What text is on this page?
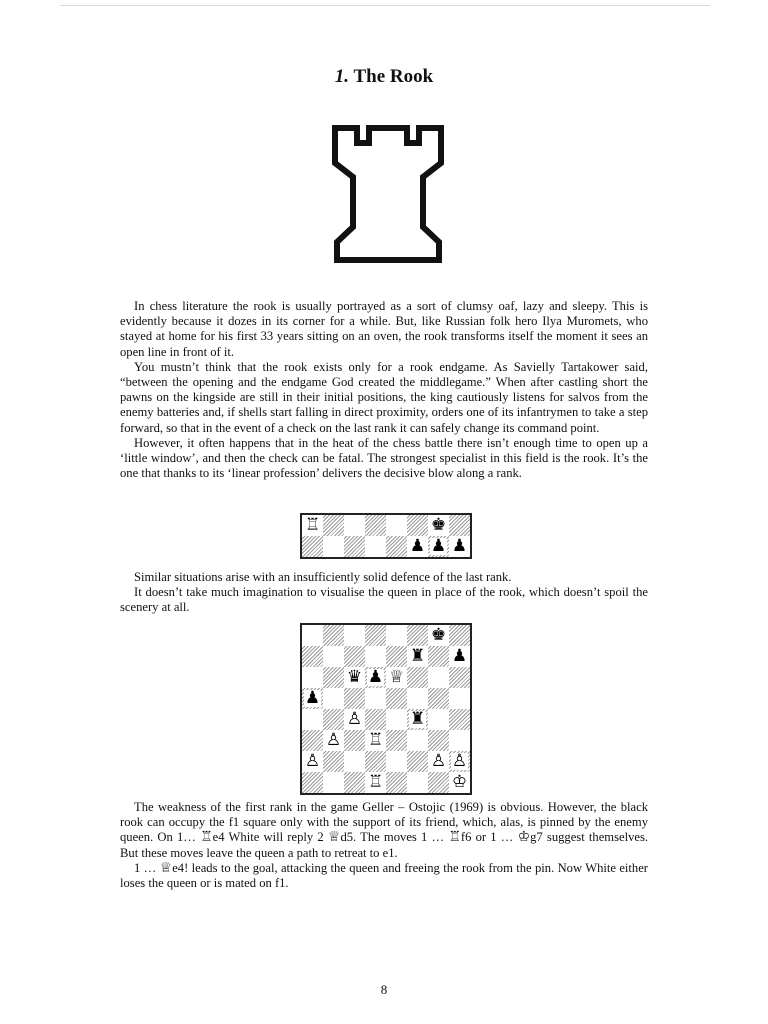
1. The Rook

In chess literature the rook is usually portrayed as a sort of clumsy oaf, lazy and sleepy. This is evidently because it dozes in its corner for a while. But, like Russian folk hero Ilya Muromets, who stayed at home for his first 33 years sitting on an oven, the rook transforms itself the moment it sees an open line in front of it.

You mustn’t think that the rook exists only for a rook endgame. As Savielly Tartakower said, “between the opening and the endgame God created the middlegame.” When after castling short the pawns on the kingside are still in their initial positions, the king cautiously listens for salvos from the enemy batteries and, if shells start falling in direct proximity, orders one of its infantrymen to take a step forward, so that in the event of a check on the last rank it can safely change its command point.

However, it often happens that in the heat of the chess battle there isn’t enough time to open up a ‘little window’, and then the check can be fatal. The strongest specialist in this field is the rook. It’s the one that thanks to its ‘linear profession’ delivers the decisive blow along a rank.

♖	♚
♟ ♟ ♟

Similar situations arise with an insufficiently solid defence of the last rank.

It doesn’t take much imagination to visualise the queen in place of the rook, which doesn’t spoil the scenery at all.

♚
♜ ♟
♛ ♟ ♕
♟
♙	♜
♙ ♖
♙	♙ ♙
♖	♔

The weakness of the first rank in the game Geller – Ostojic (1969) is obvious. However, the black rook can occupy the f1 square only with the support of its friend, which, alas, is pinned by the enemy queen. On 1… ♖e4 White will reply 2 ♕d5. The moves 1 … ♖f6 or 1 … ♔g7 suggest themselves. But these moves leave the queen a path to retreat to e1.

1 … ♕e4! leads to the goal, attacking the queen and freeing the rook from the pin. Now White either loses the queen or is mated on f1.

8
